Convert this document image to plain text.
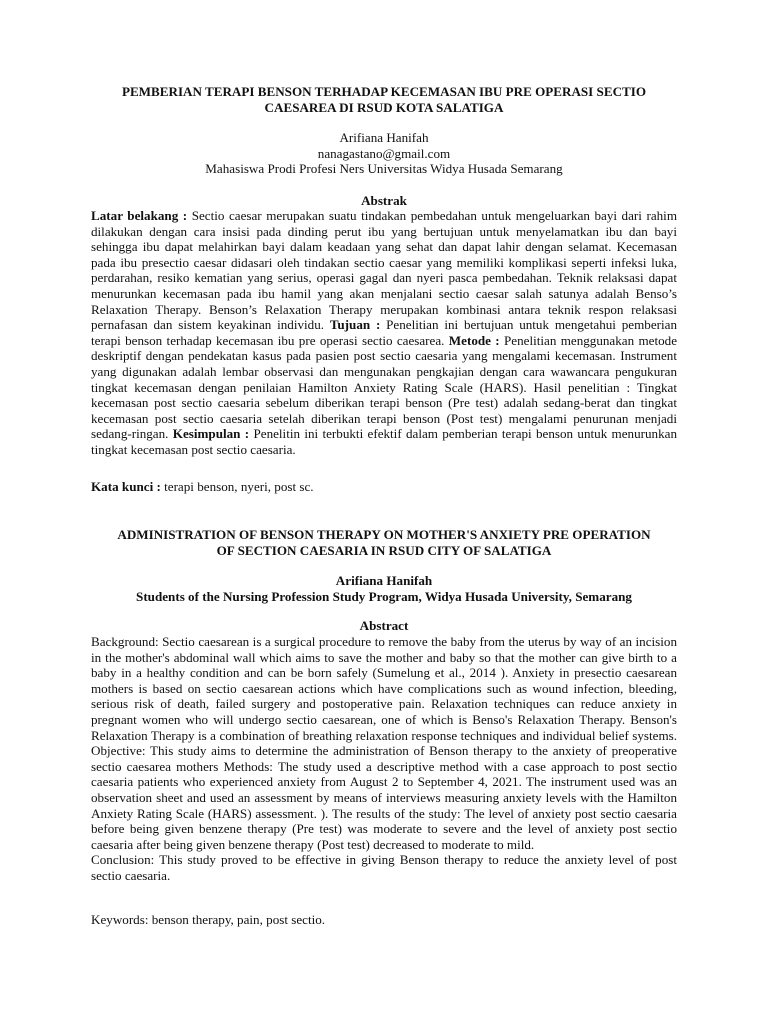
PEMBERIAN TERAPI BENSON TERHADAP KECEMASAN IBU PRE OPERASI SECTIO
CAESAREA DI RSUD KOTA SALATIGA
Arifiana Hanifah
nanagastano@gmail.com
Mahasiswa Prodi Profesi Ners Universitas Widya Husada Semarang
Abstrak

Latar belakang : Sectio caesar merupakan suatu tindakan pembedahan untuk mengeluarkan bayi dari rahim dilakukan dengan cara insisi pada dinding perut ibu yang bertujuan untuk menyelamatkan ibu dan bayi sehingga ibu dapat melahirkan bayi dalam keadaan yang sehat dan dapat lahir dengan selamat. Kecemasan pada ibu presectio caesar didasari oleh tindakan sectio caesar yang memiliki komplikasi seperti infeksi luka, perdarahan, resiko kematian yang serius, operasi gagal dan nyeri pasca pembedahan. Teknik relaksasi dapat menurunkan kecemasan pada ibu hamil yang akan menjalani sectio caesar salah satunya adalah Benso’s Relaxation Therapy. Benson’s Relaxation Therapy merupakan kombinasi antara teknik respon relaksasi pernafasan dan sistem keyakinan individu. Tujuan : Penelitian ini bertujuan untuk mengetahui pemberian terapi benson terhadap kecemasan ibu pre operasi sectio caesarea. Metode : Penelitian menggunakan metode deskriptif dengan pendekatan kasus pada pasien post sectio caesaria yang mengalami kecemasan. Instrument yang digunakan adalah lembar observasi dan mengunakan pengkajian dengan cara wawancara pengukuran tingkat kecemasan dengan penilaian Hamilton Anxiety Rating Scale (HARS). Hasil penelitian : Tingkat kecemasan post sectio caesaria sebelum diberikan terapi benson (Pre test) adalah sedang-berat dan tingkat kecemasan post sectio caesaria setelah diberikan terapi benson (Post test) mengalami penurunan menjadi sedang-ringan. Kesimpulan : Penelitin ini terbukti efektif dalam pemberian terapi benson untuk menurunkan tingkat kecemasan post sectio caesaria.

Kata kunci : terapi benson, nyeri, post sc.
ADMINISTRATION OF BENSON THERAPY ON MOTHER'S ANXIETY PRE OPERATION
OF SECTION CAESARIA IN RSUD CITY OF SALATIGA
Arifiana Hanifah
Students of the Nursing Profession Study Program, Widya Husada University, Semarang
Abstract

Background: Sectio caesarean is a surgical procedure to remove the baby from the uterus by way of an incision in the mother's abdominal wall which aims to save the mother and baby so that the mother can give birth to a baby in a healthy condition and can be born safely (Sumelung et al., 2014 ). Anxiety in presectio caesarean mothers is based on sectio caesarean actions which have complications such as wound infection, bleeding, serious risk of death, failed surgery and postoperative pain. Relaxation techniques can reduce anxiety in pregnant women who will undergo sectio caesarean, one of which is Benso's Relaxation Therapy. Benson's Relaxation Therapy is a combination of breathing relaxation response techniques and individual belief systems. Objective: This study aims to determine the administration of Benson therapy to the anxiety of preoperative sectio caesarea mothers Methods: The study used a descriptive method with a case approach to post sectio caesaria patients who experienced anxiety from August 2 to September 4, 2021. The instrument used was an observation sheet and used an assessment by means of interviews measuring anxiety levels with the Hamilton Anxiety Rating Scale (HARS) assessment. ). The results of the study: The level of anxiety post sectio caesaria before being given benzene therapy (Pre test) was moderate to severe and the level of anxiety post sectio caesaria after being given benzene therapy (Post test) decreased to moderate to mild.

Conclusion: This study proved to be effective in giving Benson therapy to reduce the anxiety level of post sectio caesaria.

Keywords: benson therapy, pain, post sectio.
